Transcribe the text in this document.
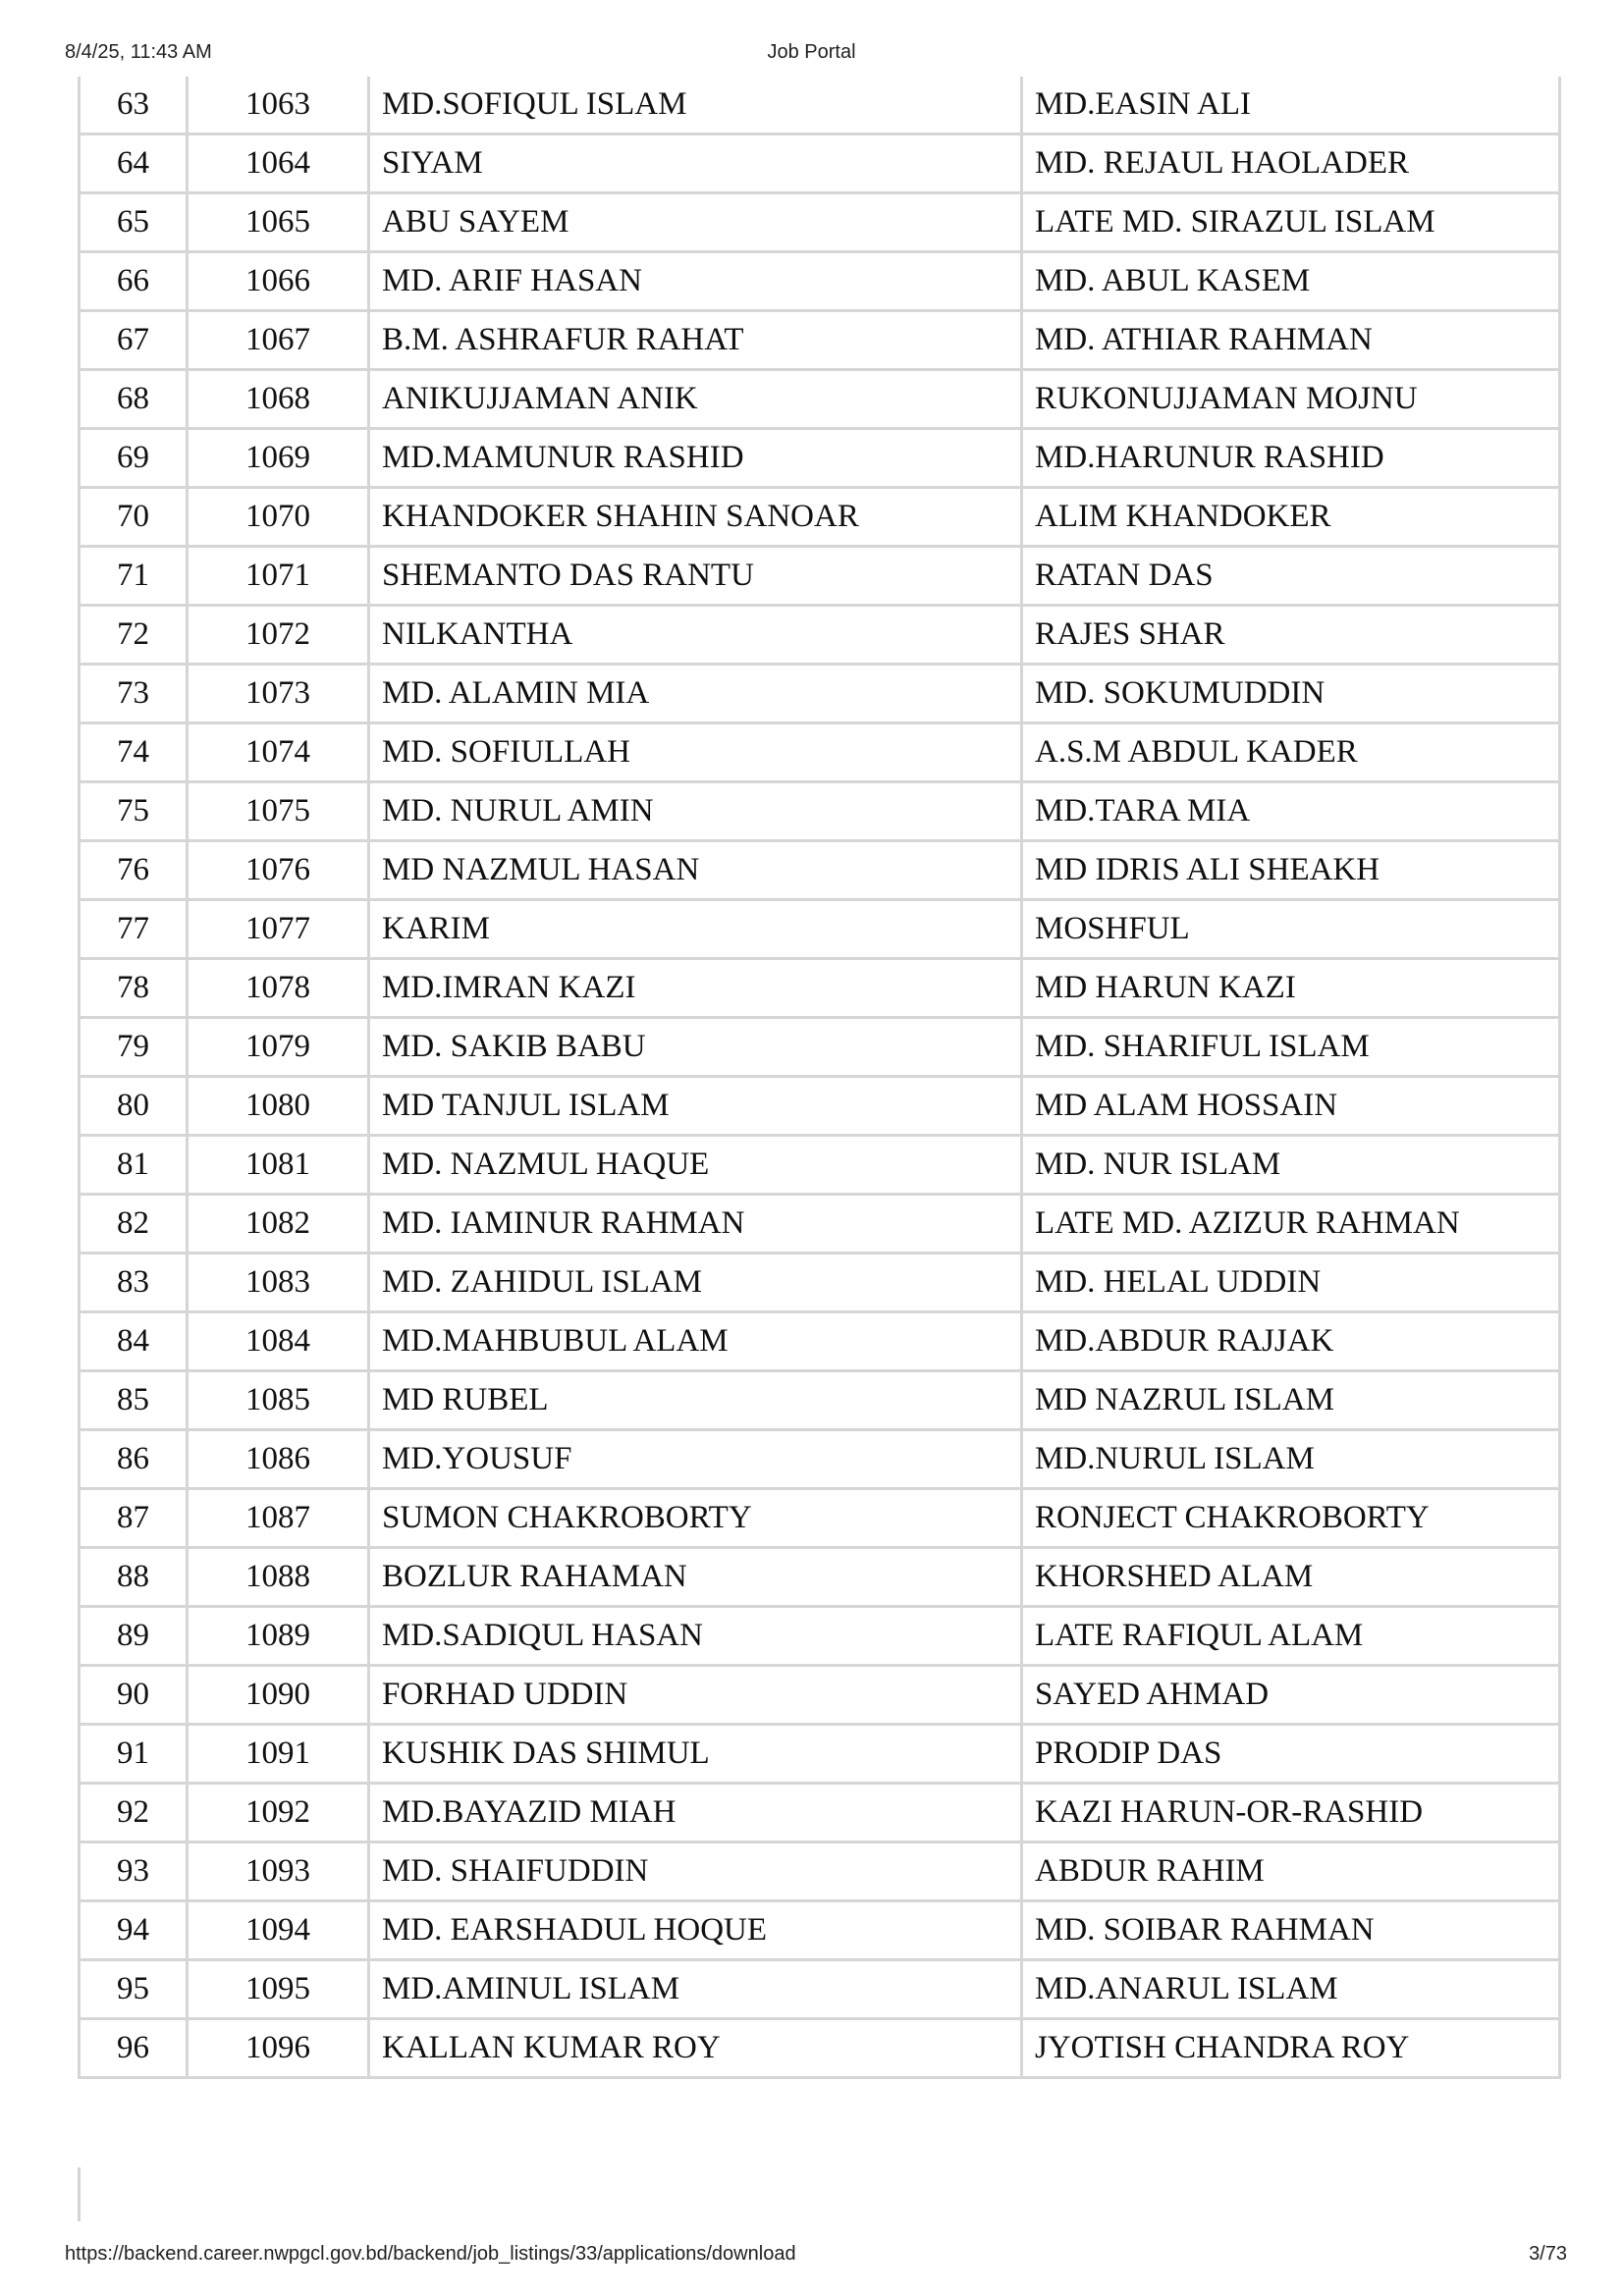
8/4/25, 11:43 AM	Job Portal
63	1063	MD.SOFIQUL ISLAM	MD.EASIN ALI
64	1064	SIYAM	MD. REJAUL HAOLADER
65	1065	ABU SAYEM	LATE MD. SIRAZUL ISLAM
66	1066	MD. ARIF HASAN	MD. ABUL KASEM
67	1067	B.M. ASHRAFUR RAHAT	MD. ATHIAR RAHMAN
68	1068	ANIKUJJAMAN ANIK	RUKONUJJAMAN MOJNU
69	1069	MD.MAMUNUR RASHID	MD.HARUNUR RASHID
70	1070	KHANDOKER SHAHIN SANOAR	ALIM KHANDOKER
71	1071	SHEMANTO DAS RANTU	RATAN DAS
72	1072	NILKANTHA	RAJES SHAR
73	1073	MD. ALAMIN MIA	MD. SOKUMUDDIN
74	1074	MD. SOFIULLAH	A.S.M ABDUL KADER
75	1075	MD. NURUL AMIN	MD.TARA MIA
76	1076	MD NAZMUL HASAN	MD IDRIS ALI SHEAKH
77	1077	KARIM	MOSHFUL
78	1078	MD.IMRAN KAZI	MD HARUN KAZI
79	1079	MD. SAKIB BABU	MD. SHARIFUL ISLAM
80	1080	MD TANJUL ISLAM	MD ALAM HOSSAIN
81	1081	MD. NAZMUL HAQUE	MD. NUR ISLAM
82	1082	MD. IAMINUR RAHMAN	LATE MD. AZIZUR RAHMAN
83	1083	MD. ZAHIDUL ISLAM	MD. HELAL UDDIN
84	1084	MD.MAHBUBUL ALAM	MD.ABDUR RAJJAK
85	1085	MD RUBEL	MD NAZRUL ISLAM
86	1086	MD.YOUSUF	MD.NURUL ISLAM
87	1087	SUMON CHAKROBORTY	RONJECT CHAKROBORTY
88	1088	BOZLUR RAHAMAN	KHORSHED ALAM
89	1089	MD.SADIQUL HASAN	LATE RAFIQUL ALAM
90	1090	FORHAD UDDIN	SAYED AHMAD
91	1091	KUSHIK DAS SHIMUL	PRODIP DAS
92	1092	MD.BAYAZID MIAH	KAZI HARUN-OR-RASHID
93	1093	MD. SHAIFUDDIN	ABDUR RAHIM
94	1094	MD. EARSHADUL HOQUE	MD. SOIBAR RAHMAN
95	1095	MD.AMINUL ISLAM	MD.ANARUL ISLAM
96	1096	KALLAN KUMAR ROY	JYOTISH CHANDRA ROY
https://backend.career.nwpgcl.gov.bd/backend/job_listings/33/applications/download	3/73
